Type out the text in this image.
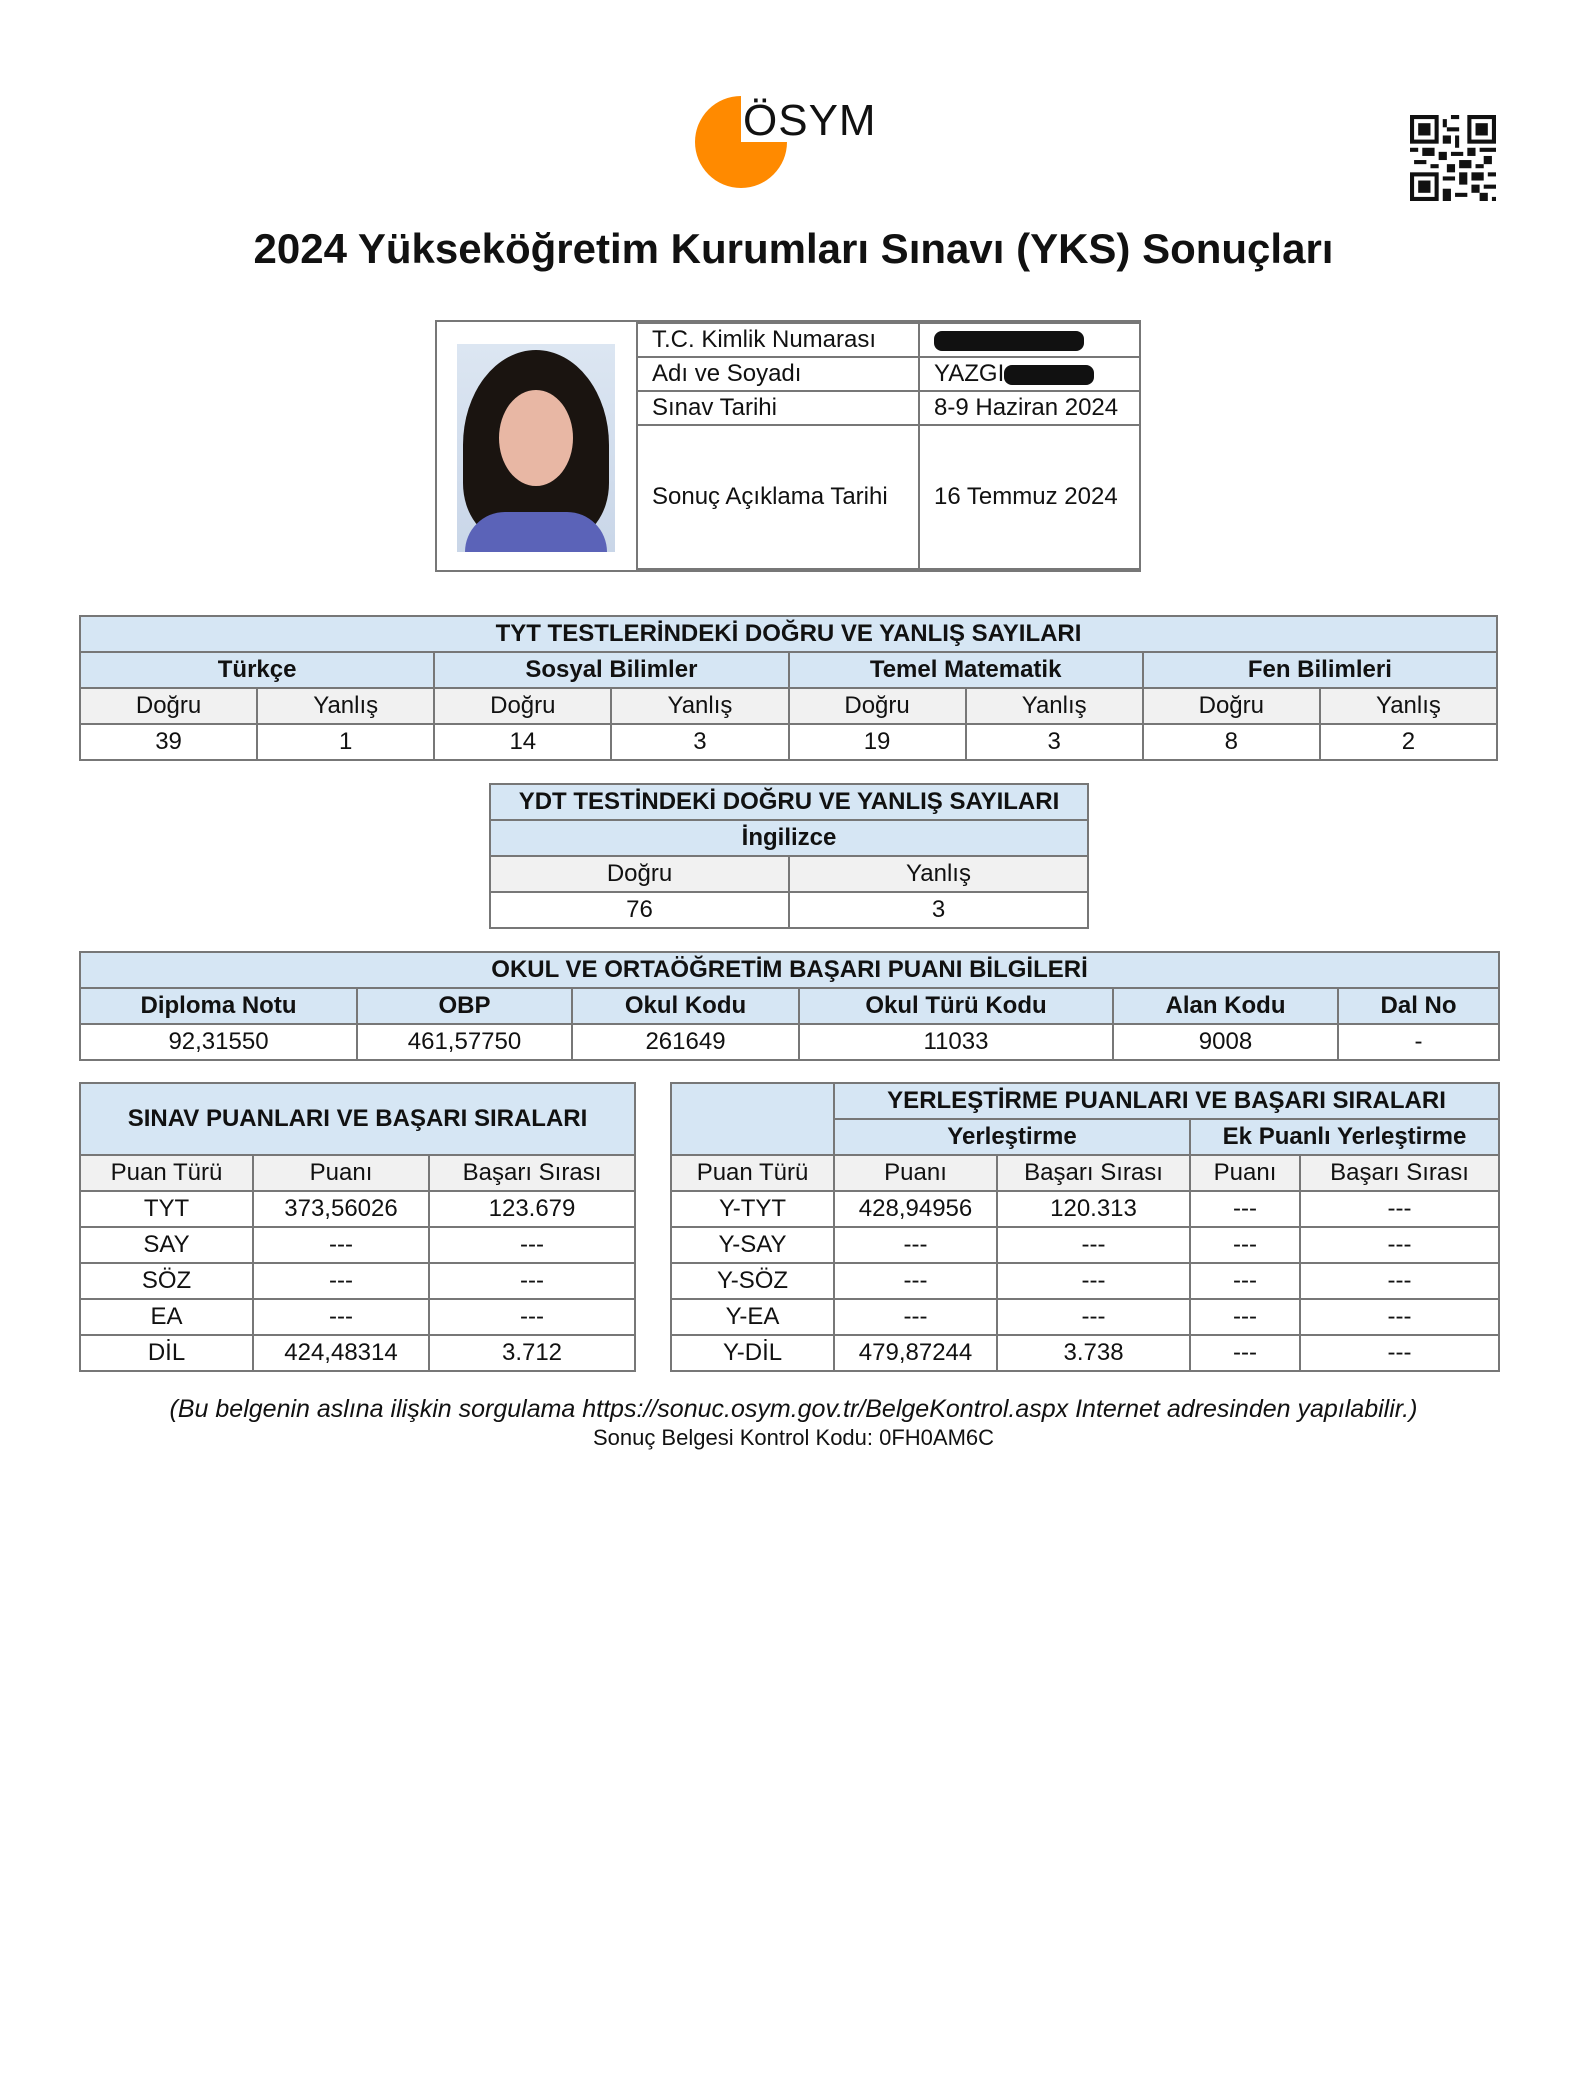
ÖSYM
2024 Yükseköğretim Kurumları Sınavı (YKS) Sonuçları
T.C. Kimlik Numarası	
Adı ve Soyadı	YAZGI
Sınav Tarihi	8-9 Haziran 2024
Sonuç Açıklama Tarihi	16 Temmuz 2024
TYT TESTLERİNDEKİ DOĞRU VE YANLIŞ SAYILARI							
Türkçe		Sosyal Bilimler		Temel Matematik		Fen Bilimleri	
Doğru	Yanlış	Doğru	Yanlış	Doğru	Yanlış	Doğru	Yanlış
39	1	14	3	19	3	8	2
YDT TESTİNDEKİ DOĞRU VE YANLIŞ SAYILARI	
İngilizce	
Doğru	Yanlış
76	3
OKUL VE ORTAÖĞRETİM BAŞARI PUANI BİLGİLERİ					
Diploma Notu	OBP	Okul Kodu	Okul Türü Kodu	Alan Kodu	Dal No
92,31550	461,57750	261649	11033	9008	-
SINAV PUANLARI VE BAŞARI SIRALARI					YERLEŞTİRME PUANLARI VE BAŞARI SIRALARI			
					Yerleştirme		Ek Puanlı Yerleştirme	
Puan Türü	Puanı	Başarı Sırası		Puan Türü	Puanı	Başarı Sırası	Puanı	Başarı Sırası
TYT	373,56026	123.679		Y-TYT	428,94956	120.313	---	---
SAY	---	---		Y-SAY	---	---	---	---
SÖZ	---	---		Y-SÖZ	---	---	---	---
EA	---	---		Y-EA	---	---	---	---
DİL	424,48314	3.712		Y-DİL	479,87244	3.738	---	---
(Bu belgenin aslına ilişkin sorgulama https://sonuc.osym.gov.tr/BelgeKontrol.aspx Internet adresinden yapılabilir.)
Sonuç Belgesi Kontrol Kodu: 0FH0AM6C
